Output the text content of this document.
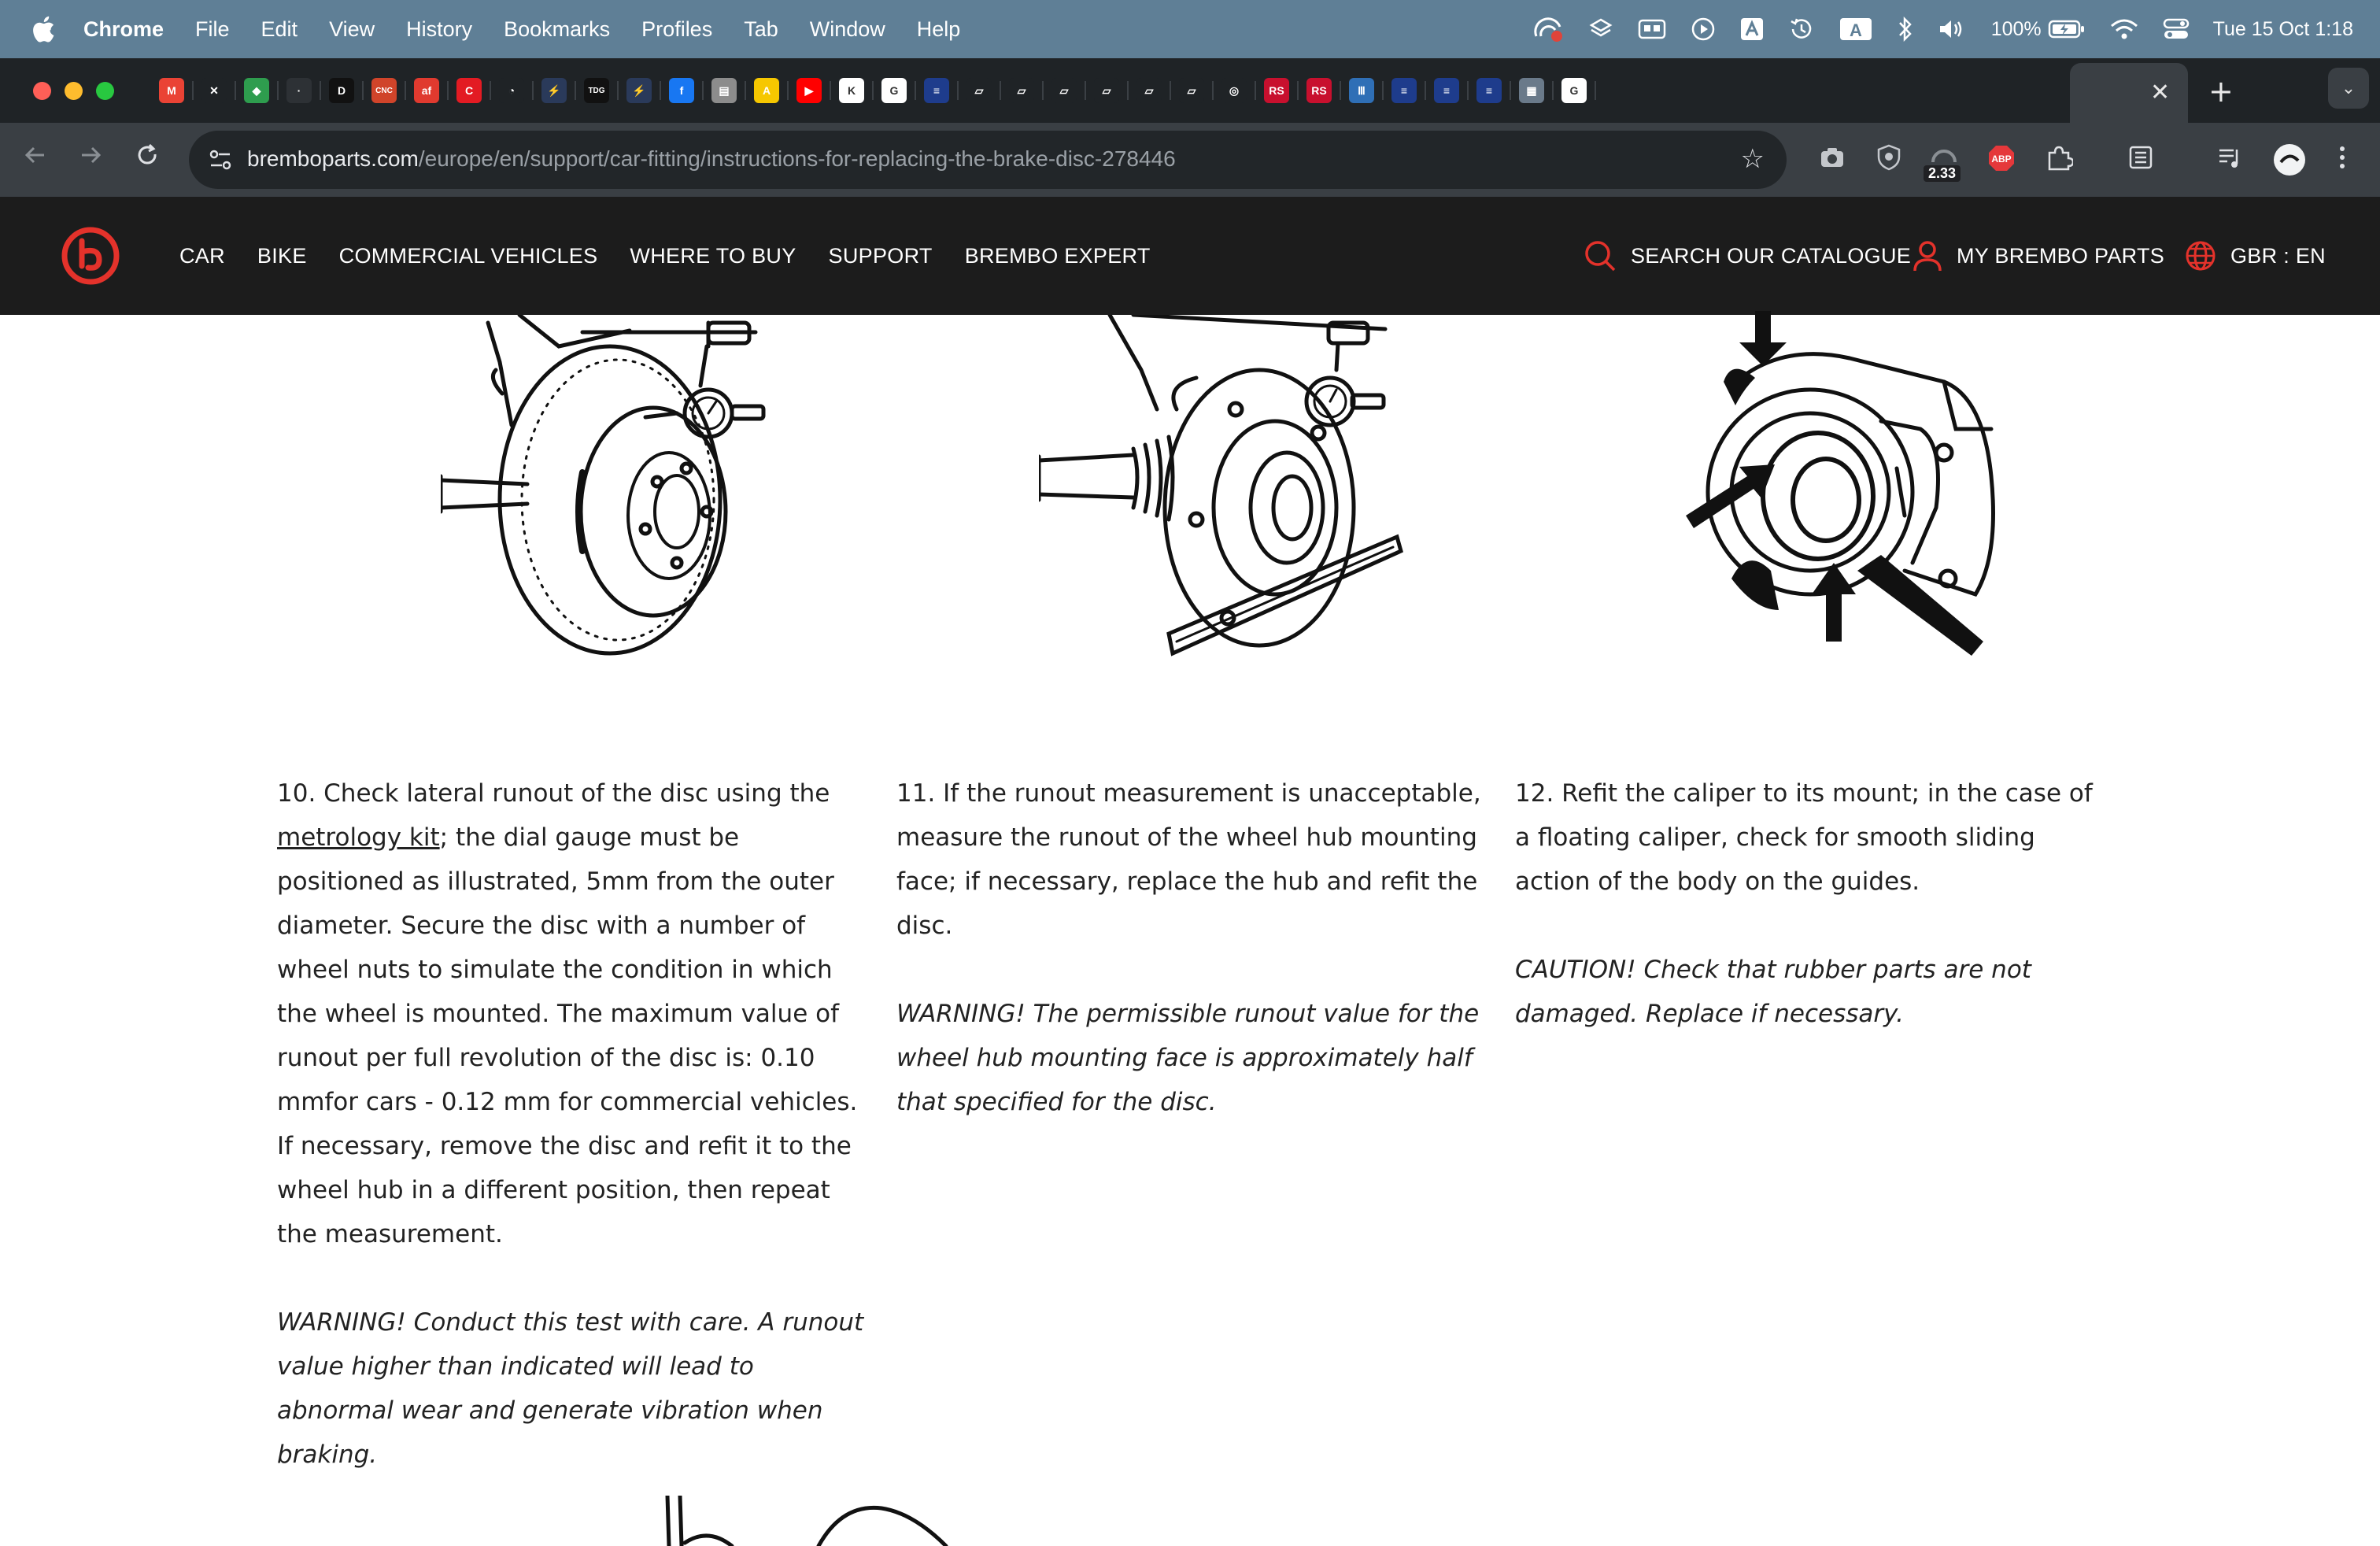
Chrome File Edit View History Bookmarks Profiles Tab Window Help	A	100%	Tue 15 Oct 1:18
M	✕	◆	·	D	CNC	af	C	◔	⚡	TDG	⚡	f	▤	A	▶	K	G	≡	▱	▱	▱	▱	▱	▱	◎	RS	RS	Ⅲ	≡	≡	≡	▦	G	✕ +	⌄
bremboparts.com/europe/en/support/car-fitting/instructions-for-replacing-the-brake-disc-278446	☆	2.33
ABP
CAR BIKE COMMERCIAL VEHICLES WHERE TO BUY SUPPORT BREMBO EXPERT	SEARCH OUR CATALOGUE MY BREMBO PARTS	GBR : EN

10. Check lateral runout of the disc using the metrology kit; the dial gauge must be positioned as illustrated, 5mm from the outer diameter. Secure the disc with a number of wheel nuts to simulate the condition in which the wheel is mounted. The maximum value of runout per full revolution of the disc is: 0.10 mmfor cars - 0.12 mm for commercial vehicles. If necessary, remove the disc and refit it to the wheel hub in a different position, then repeat the measurement.

WARNING! Conduct this test with care. A runout value higher than indicated will lead to abnormal wear and generate vibration when braking.

11. If the runout measurement is unacceptable, measure the runout of the wheel hub mounting face; if necessary, replace the hub and refit the disc.

WARNING! The permissible runout value for the wheel hub mounting face is approximately half that specified for the disc.

12. Refit the caliper to its mount; in the case of a floating caliper, check for smooth sliding action of the body on the guides.

CAUTION! Check that rubber parts are not damaged. Replace if necessary.
